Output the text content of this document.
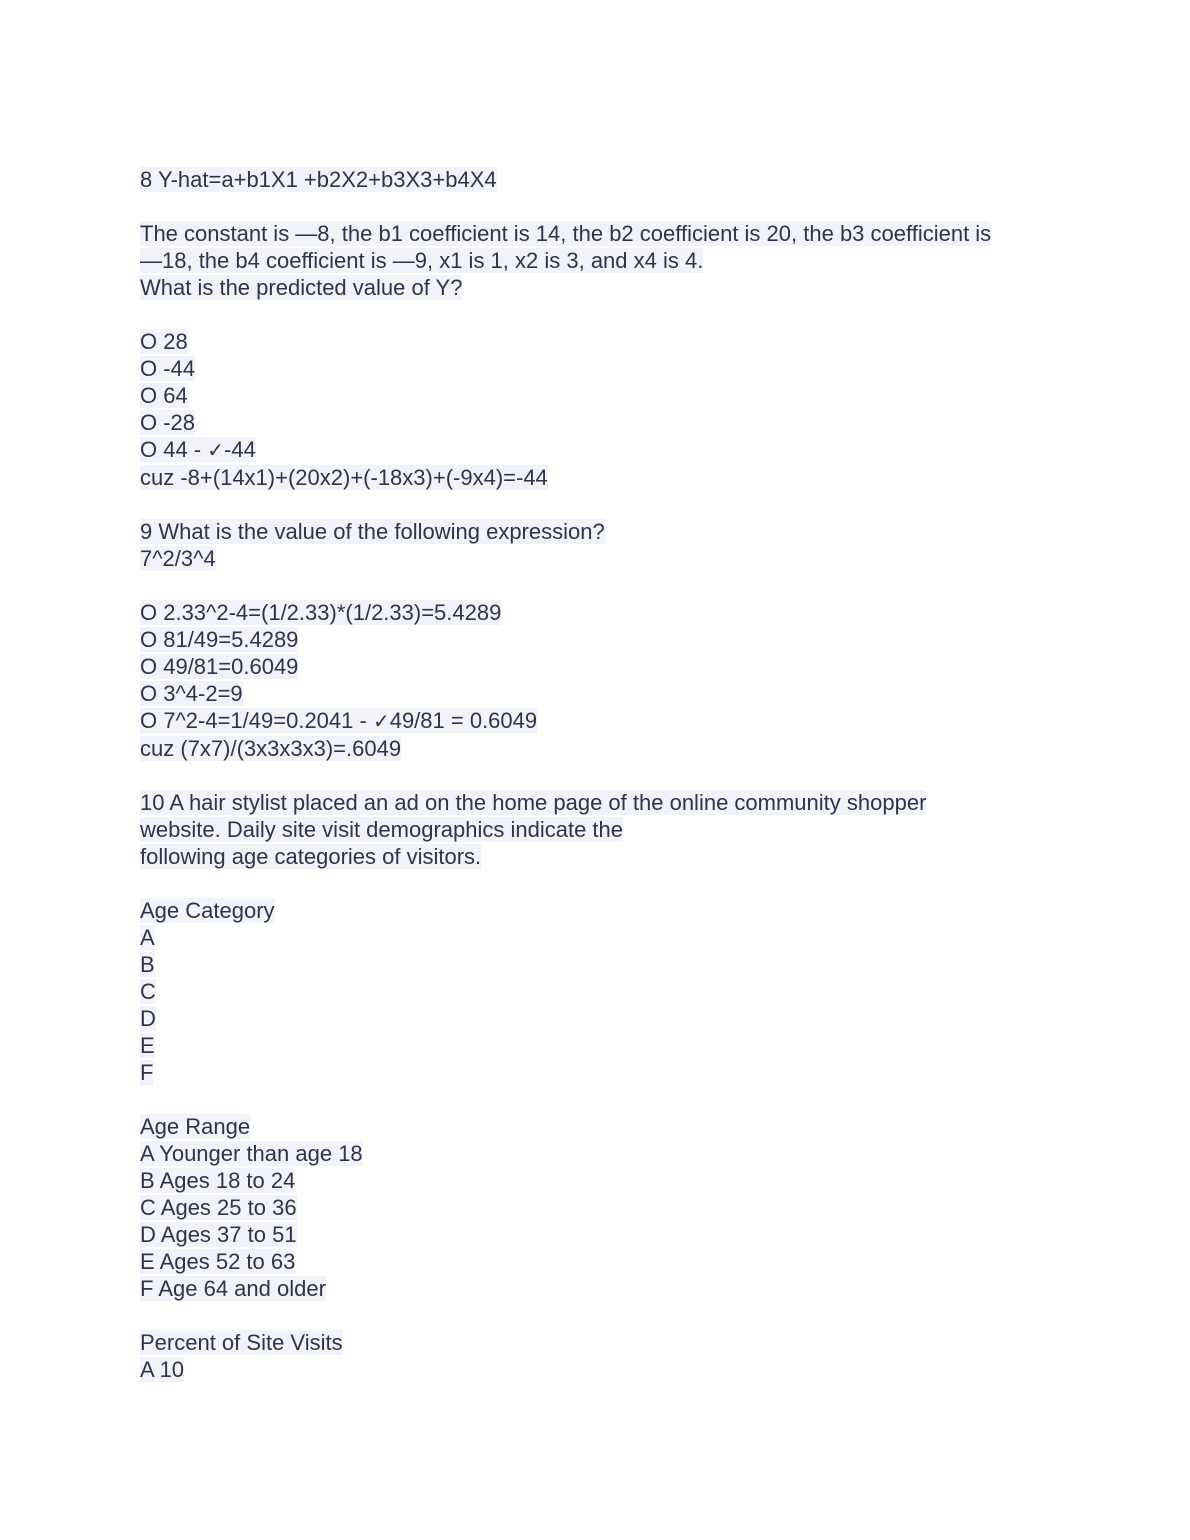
8 Y-hat=a+b1X1 +b2X2+b3X3+b4X4
The constant is —8, the b1 coefficient is 14, the b2 coefficient is 20, the b3 coefficient is
—18, the b4 coefficient is —9, x1 is 1, x2 is 3, and x4 is 4.
What is the predicted value of Y?
O 28
O -44
O 64
O -28
O 44 - ✓-44
cuz -8+(14x1)+(20x2)+(-18x3)+(-9x4)=-44
9 What is the value of the following expression?
7^2/3^4
O 2.33^2-4=(1/2.33)*(1/2.33)=5.4289
O 81/49=5.4289
O 49/81=0.6049
O 3^4-2=9
O 7^2-4=1/49=0.2041 - ✓49/81 = 0.6049
cuz (7x7)/(3x3x3x3)=.6049
10 A hair stylist placed an ad on the home page of the online community shopper
website. Daily site visit demographics indicate the
following age categories of visitors.
Age Category
A
B
C
D
E
F
Age Range
A Younger than age 18
B Ages 18 to 24
C Ages 25 to 36
D Ages 37 to 51
E Ages 52 to 63
F Age 64 and older
Percent of Site Visits
A 10
